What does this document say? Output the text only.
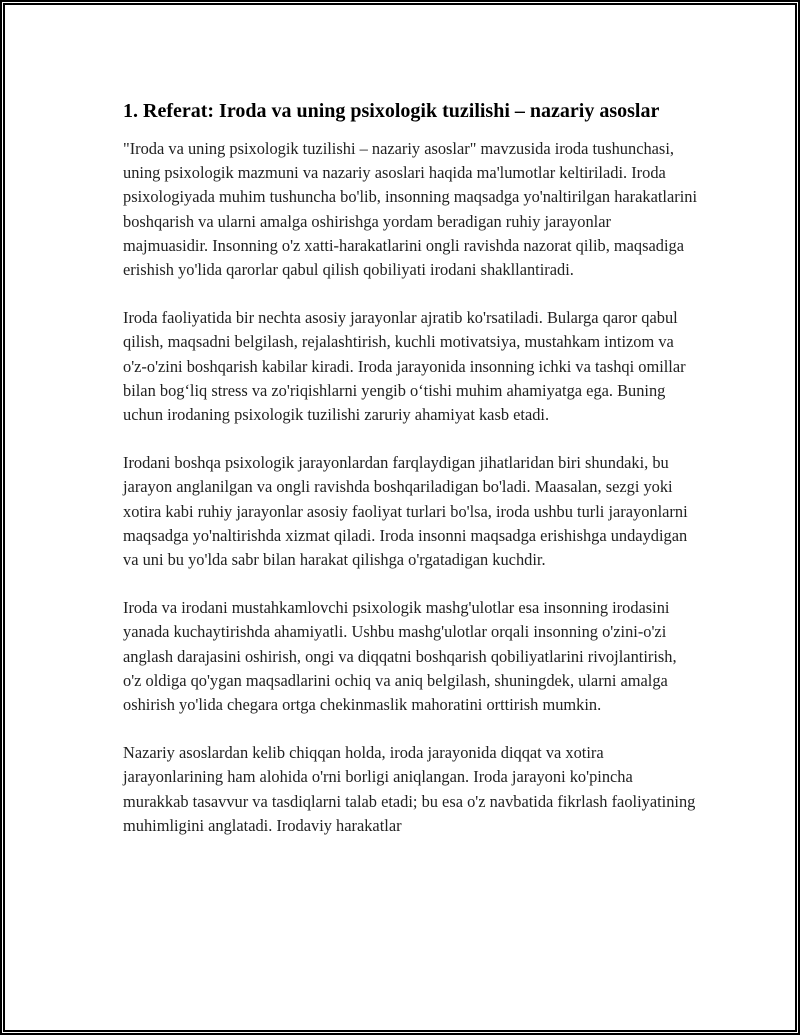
1. Referat: Iroda va uning psixologik tuzilishi – nazariy asoslar

"Iroda va uning psixologik tuzilishi – nazariy asoslar" mavzusida iroda tushunchasi, uning psixologik mazmuni va nazariy asoslari haqida ma'lumotlar keltiriladi. Iroda psixologiyada muhim tushuncha bo'lib, insonning maqsadga yo'naltirilgan harakatlarini boshqarish va ularni amalga oshirishga yordam beradigan ruhiy jarayonlar majmuasidir. Insonning o'z xatti-harakatlarini ongli ravishda nazorat qilib, maqsadiga erishish yo'lida qarorlar qabul qilish qobiliyati irodani shakllantiradi.

Iroda faoliyatida bir nechta asosiy jarayonlar ajratib ko'rsatiladi. Bularga qaror qabul qilish, maqsadni belgilash, rejalashtirish, kuchli motivatsiya, mustahkam intizom va o'z-o'zini boshqarish kabilar kiradi. Iroda jarayonida insonning ichki va tashqi omillar bilan bog‘liq stress va zo'riqishlarni yengib o‘tishi muhim ahamiyatga ega. Buning uchun irodaning psixologik tuzilishi zaruriy ahamiyat kasb etadi.

Irodani boshqa psixologik jarayonlardan farqlaydigan jihatlaridan biri shundaki, bu jarayon anglanilgan va ongli ravishda boshqariladigan bo'ladi. Maasalan, sezgi yoki xotira kabi ruhiy jarayonlar asosiy faoliyat turlari bo'lsa, iroda ushbu turli jarayonlarni maqsadga yo'naltirishda xizmat qiladi. Iroda insonni maqsadga erishishga undaydigan va uni bu yo'lda sabr bilan harakat qilishga o'rgatadigan kuchdir.

Iroda va irodani mustahkamlovchi psixologik mashg'ulotlar esa insonning irodasini yanada kuchaytirishda ahamiyatli. Ushbu mashg'ulotlar orqali insonning o'zini-o'zi anglash darajasini oshirish, ongi va diqqatni boshqarish qobiliyatlarini rivojlantirish, o'z oldiga qo'ygan maqsadlarini ochiq va aniq belgilash, shuningdek, ularni amalga oshirish yo'lida chegara ortga chekinmaslik mahoratini orttirish mumkin.

Nazariy asoslardan kelib chiqqan holda, iroda jarayonida diqqat va xotira jarayonlarining ham alohida o'rni borligi aniqlangan. Iroda jarayoni ko'pincha murakkab tasavvur va tasdiqlarni talab etadi; bu esa o'z navbatida fikrlash faoliyatining muhimligini anglatadi. Irodaviy harakatlar
